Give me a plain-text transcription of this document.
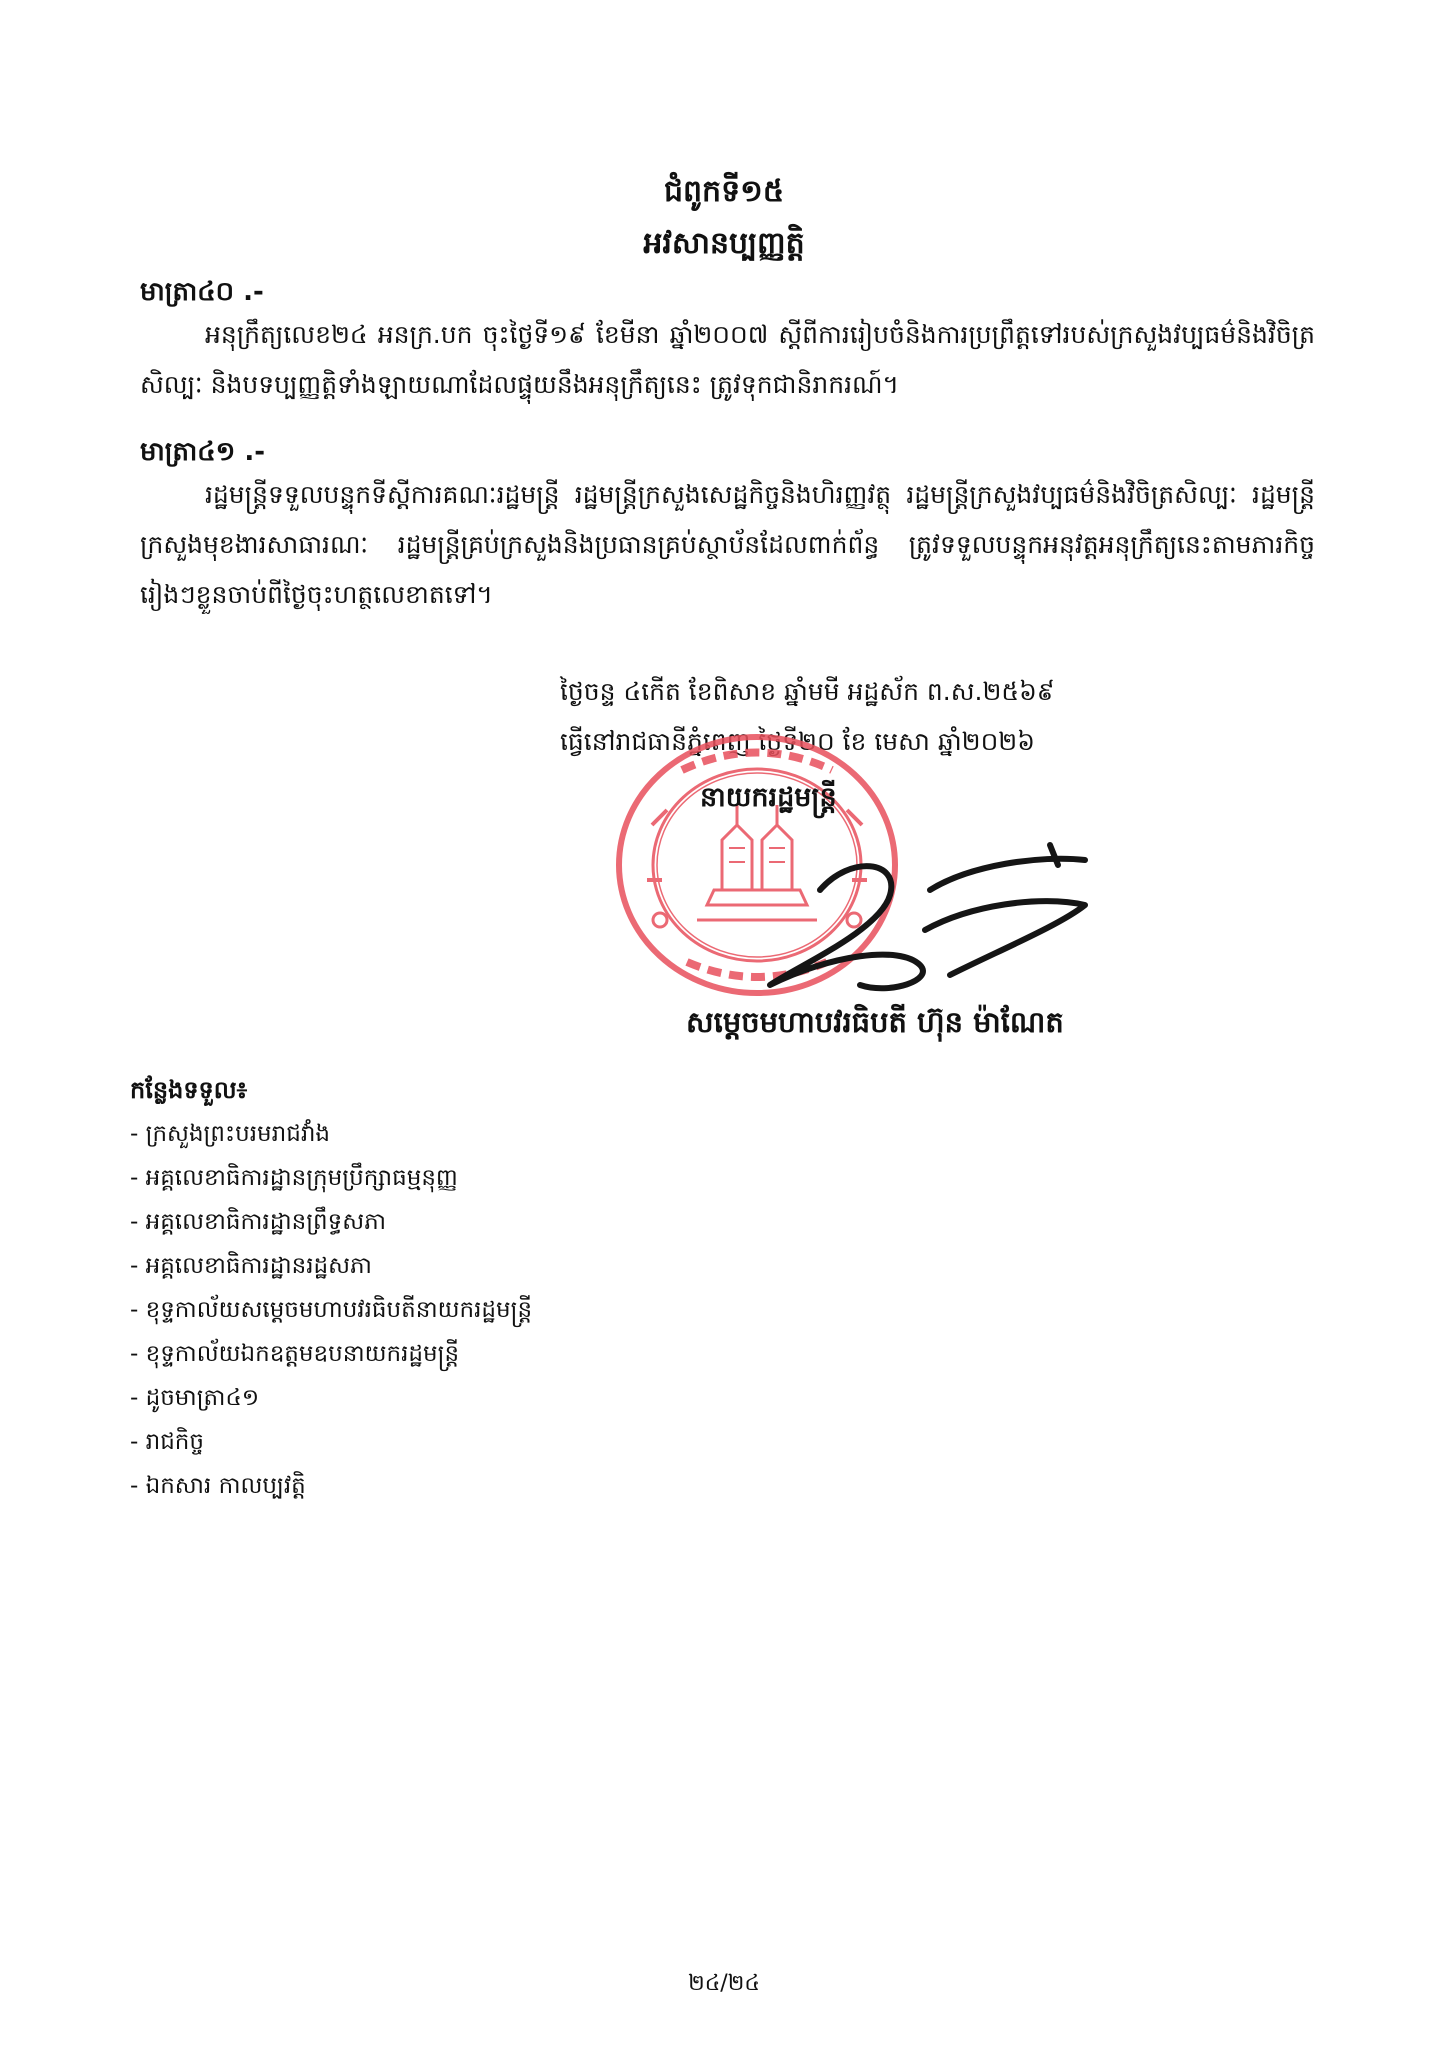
ជំពូកទី១៥
អវសានប្បញ្ញត្តិ
មាត្រា៤០ .-
អនុក្រឹត្យលេខ២៤ អនក្រ.បក ចុះថ្ងៃទី១៩ ខែមីនា ឆ្នាំ២០០៧ ស្តីពីការរៀបចំនិងការប្រព្រឹត្តទៅរបស់ក្រសួងវប្បធម៌និងវិចិត្រសិល្បៈ និងបទប្បញ្ញត្តិទាំងឡាយណាដែលផ្ទុយនឹងអនុក្រឹត្យនេះ ត្រូវទុកជានិរាករណ៍។
មាត្រា៤១ .-
រដ្ឋមន្ត្រីទទួលបន្ទុកទីស្តីការគណៈរដ្ឋមន្ត្រី រដ្ឋមន្ត្រីក្រសួងសេដ្ឋកិច្ចនិងហិរញ្ញវត្ថុ រដ្ឋមន្ត្រីក្រសួងវប្បធម៌និងវិចិត្រសិល្បៈ រដ្ឋមន្ត្រីក្រសួងមុខងារសាធារណៈ រដ្ឋមន្ត្រីគ្រប់ក្រសួងនិងប្រធានគ្រប់ស្ថាប័នដែលពាក់ព័ន្ធ ត្រូវទទួលបន្ទុកអនុវត្តអនុក្រឹត្យនេះតាមភារកិច្ចរៀងៗខ្លួនចាប់ពីថ្ងៃចុះហត្ថលេខាតទៅ។
ថ្ងៃចន្ទ ៤កើត ខែពិសាខ ឆ្នាំមមី អដ្ឋស័ក ព.ស.២៥៦៩
ធ្វើនៅរាជធានីភ្នំពេញ ថ្ងៃទី២០ ខែ មេសា ឆ្នាំ២០២៦
នាយករដ្ឋមន្ត្រី
សម្តេចមហាបវរធិបតី ហ៊ុន ម៉ាណែត
កន្លែងទទួល៖
- ក្រសួងព្រះបរមរាជវាំង
- អគ្គលេខាធិការដ្ឋានក្រុមប្រឹក្សាធម្មនុញ្ញ
- អគ្គលេខាធិការដ្ឋានព្រឹទ្ធសភា
- អគ្គលេខាធិការដ្ឋានរដ្ឋសភា
- ខុទ្ទកាល័យសម្តេចមហាបវរធិបតីនាយករដ្ឋមន្ត្រី
- ខុទ្ទកាល័យឯកឧត្តមឧបនាយករដ្ឋមន្ត្រី
- ដូចមាត្រា៤១
- រាជកិច្ច
- ឯកសារ កាលប្បវត្តិ
២៤/២៤
